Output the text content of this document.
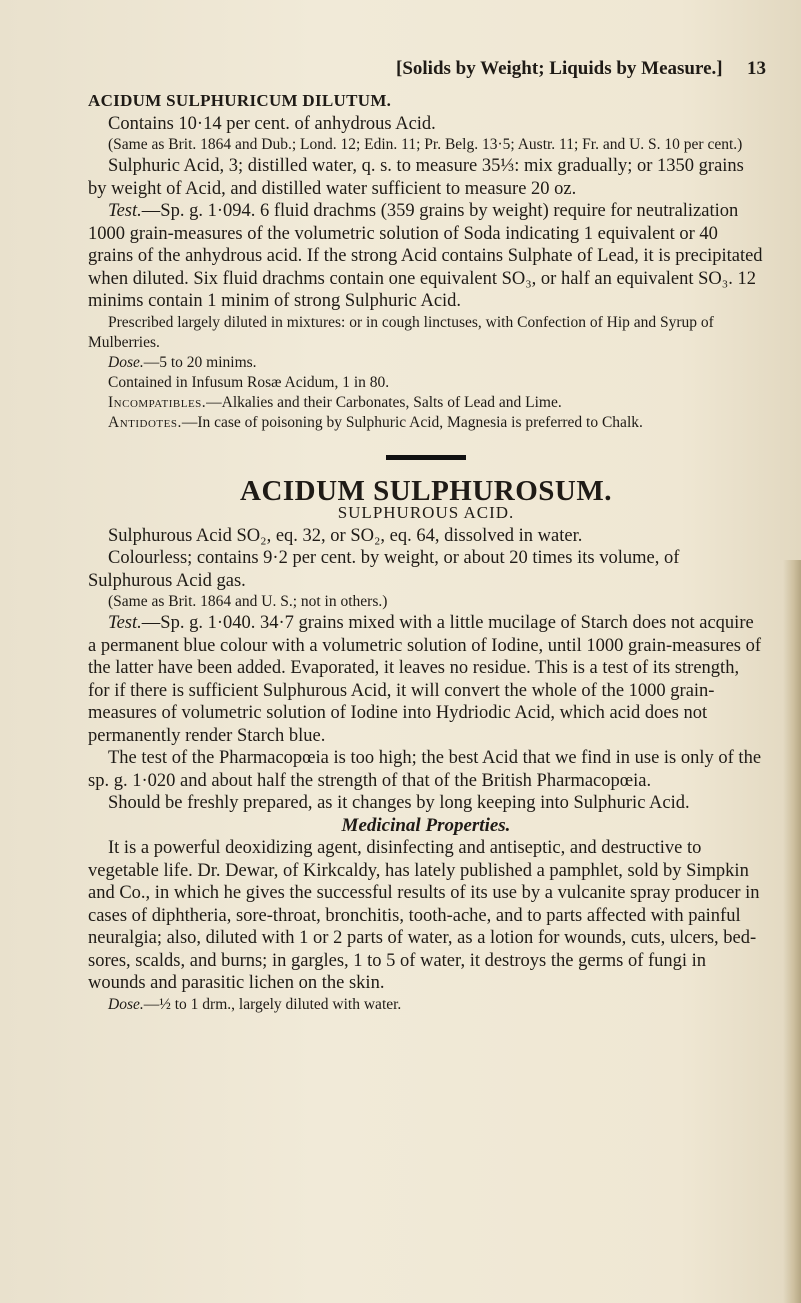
[Solids by Weight; Liquids by Measure.] 13

ACIDUM SULPHURICUM DILUTUM.

Contains 10·14 per cent. of anhydrous Acid.

(Same as Brit. 1864 and Dub.; Lond. 12; Edin. 11; Pr. Belg. 13·5; Austr. 11; Fr. and U. S. 10 per cent.)

Sulphuric Acid, 3; distilled water, q. s. to measure 35⅓: mix gradually; or 1350 grains by weight of Acid, and distilled water sufficient to measure 20 oz.

Test.—Sp. g. 1·094. 6 fluid drachms (359 grains by weight) require for neutralization 1000 grain-measures of the volumetric solution of Soda indicating 1 equivalent or 40 grains of the anhydrous acid. If the strong Acid contains Sulphate of Lead, it is precipitated when diluted. Six fluid drachms contain one equivalent SO₃, or half an equivalent SO₃. 12 minims contain 1 minim of strong Sulphuric Acid.

Prescribed largely diluted in mixtures: or in cough linctuses, with Confection of Hip and Syrup of Mulberries.

Dose.—5 to 20 minims.

Contained in Infusum Rosæ Acidum, 1 in 80.

Incompatibles.—Alkalies and their Carbonates, Salts of Lead and Lime.

Antidotes.—In case of poisoning by Sulphuric Acid, Magnesia is preferred to Chalk.

ACIDUM SULPHUROSUM.

SULPHUROUS ACID.

Sulphurous Acid SO₂, eq. 32, or SO₂, eq. 64, dissolved in water.

Colourless; contains 9·2 per cent. by weight, or about 20 times its volume, of Sulphurous Acid gas.

(Same as Brit. 1864 and U. S.; not in others.)

Test.—Sp. g. 1·040. 34·7 grains mixed with a little mucilage of Starch does not acquire a permanent blue colour with a volumetric solution of Iodine, until 1000 grain-measures of the latter have been added. Evaporated, it leaves no residue. This is a test of its strength, for if there is sufficient Sulphurous Acid, it will convert the whole of the 1000 grain-measures of volumetric solution of Iodine into Hydriodic Acid, which acid does not permanently render Starch blue.

The test of the Pharmacopœia is too high; the best Acid that we find in use is only of the sp. g. 1·020 and about half the strength of that of the British Pharmacopœia.

Should be freshly prepared, as it changes by long keeping into Sulphuric Acid.

Medicinal Properties.

It is a powerful deoxidizing agent, disinfecting and antiseptic, and destructive to vegetable life. Dr. Dewar, of Kirkcaldy, has lately published a pamphlet, sold by Simpkin and Co., in which he gives the successful results of its use by a vulcanite spray producer in cases of diphtheria, sore-throat, bronchitis, tooth-ache, and to parts affected with painful neuralgia; also, diluted with 1 or 2 parts of water, as a lotion for wounds, cuts, ulcers, bed-sores, scalds, and burns; in gargles, 1 to 5 of water, it destroys the germs of fungi in wounds and parasitic lichen on the skin.

Dose.—½ to 1 drm., largely diluted with water.
